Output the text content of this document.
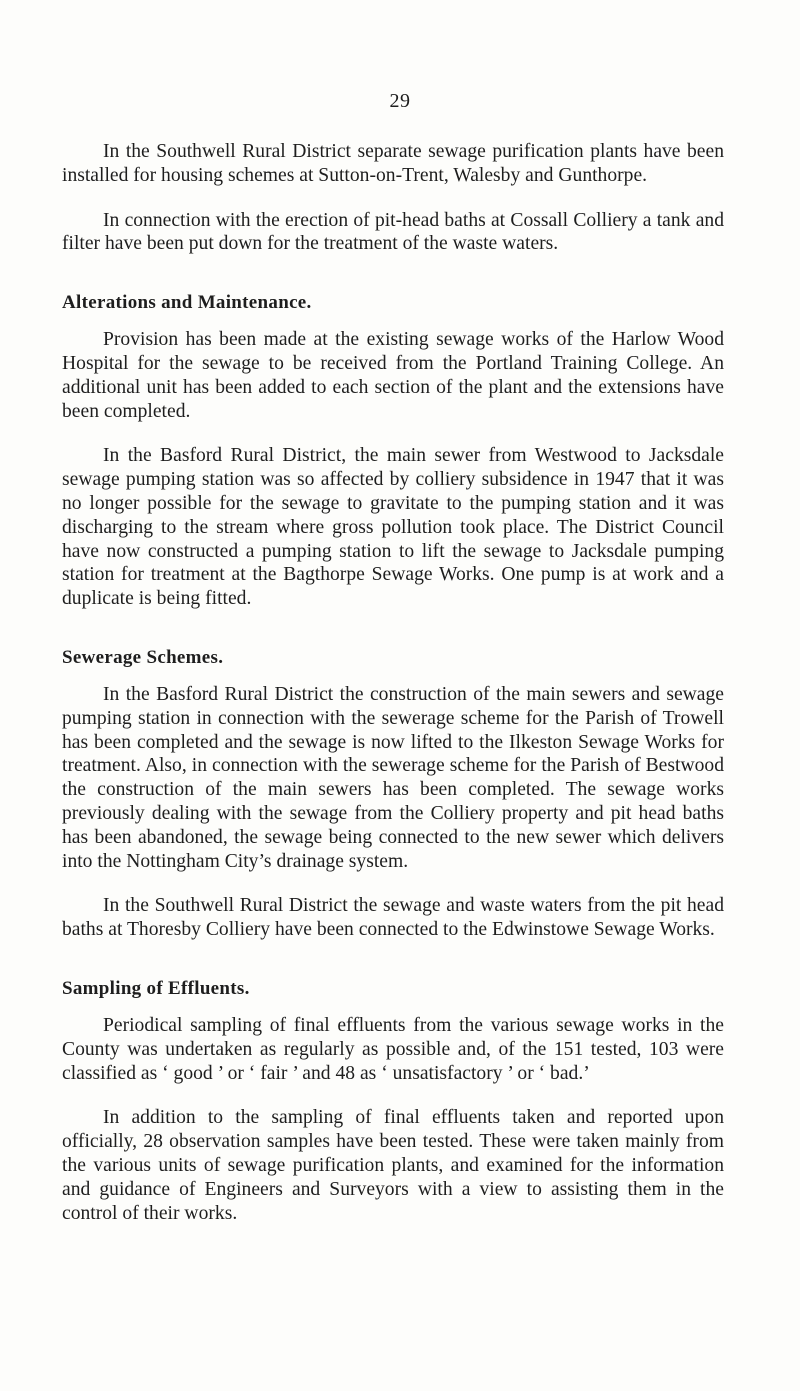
29

In the Southwell Rural District separate sewage purification plants have been installed for housing schemes at Sutton-on-Trent, Walesby and Gunthorpe.

In connection with the erection of pit-head baths at Cossall Colliery a tank and filter have been put down for the treatment of the waste waters.

Alterations and Maintenance.

Provision has been made at the existing sewage works of the Harlow Wood Hospital for the sewage to be received from the Portland Training College. An additional unit has been added to each section of the plant and the extensions have been completed.

In the Basford Rural District, the main sewer from Westwood to Jacksdale sewage pumping station was so affected by colliery subsidence in 1947 that it was no longer possible for the sewage to gravitate to the pumping station and it was discharging to the stream where gross pollution took place. The District Council have now constructed a pumping station to lift the sewage to Jacksdale pumping station for treatment at the Bagthorpe Sewage Works. One pump is at work and a duplicate is being fitted.

Sewerage Schemes.

In the Basford Rural District the construction of the main sewers and sewage pumping station in connection with the sewerage scheme for the Parish of Trowell has been completed and the sewage is now lifted to the Ilkeston Sewage Works for treatment. Also, in connection with the sewerage scheme for the Parish of Bestwood the construction of the main sewers has been completed. The sewage works previously dealing with the sewage from the Colliery property and pit head baths has been abandoned, the sewage being connected to the new sewer which delivers into the Nottingham City’s drainage system.

In the Southwell Rural District the sewage and waste waters from the pit head baths at Thoresby Colliery have been connected to the Edwinstowe Sewage Works.

Sampling of Effluents.

Periodical sampling of final effluents from the various sewage works in the County was undertaken as regularly as possible and, of the 151 tested, 103 were classified as ‘ good ’ or ‘ fair ’ and 48 as ‘ unsatisfactory ’ or ‘ bad.’

In addition to the sampling of final effluents taken and reported upon officially, 28 observation samples have been tested. These were taken mainly from the various units of sewage purification plants, and examined for the information and guidance of Engineers and Surveyors with a view to assisting them in the control of their works.
